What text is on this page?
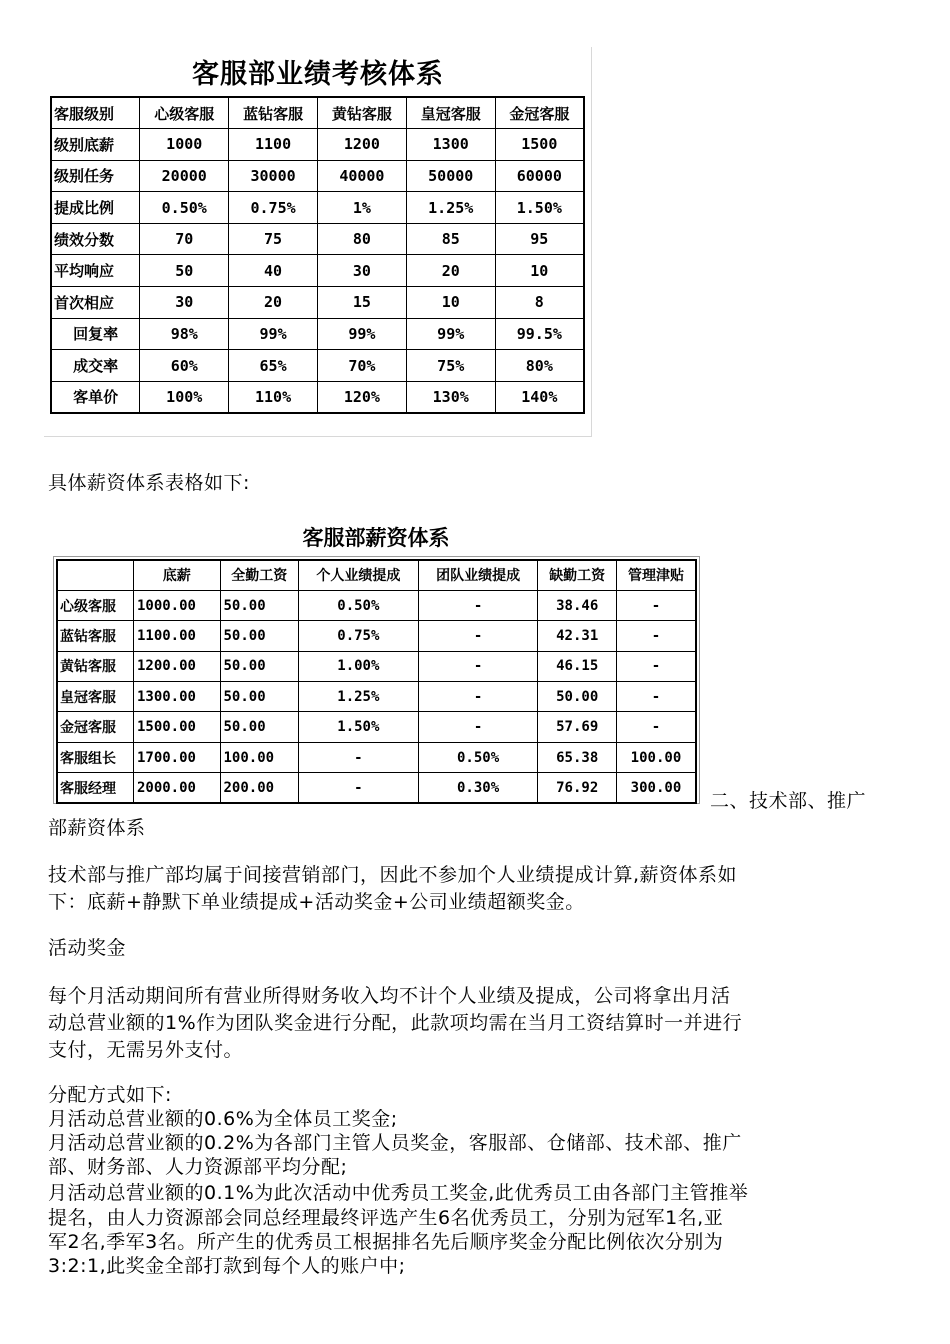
客服部业绩考核体系
客服级别	心级客服	蓝钻客服	黄钻客服	皇冠客服	金冠客服
级别底薪	1000	1100	1200	1300	1500
级别任务	20000	30000	40000	50000	60000
提成比例	0.50%	0.75%	1%	1.25%	1.50%
绩效分数	70	75	80	85	95
平均响应	50	40	30	20	10
首次相应	30	20	15	10	8
回复率	98%	99%	99%	99%	99.5%
成交率	60%	65%	70%	75%	80%
客单价	100%	110%	120%	130%	140%
具体薪资体系表格如下:
客服部薪资体系
	底薪	全勤工资	个人业绩提成	团队业绩提成	缺勤工资	管理津贴
心级客服	1000.00	50.00	0.50%	-	38.46	-
蓝钻客服	1100.00	50.00	0.75%	-	42.31	-
黄钻客服	1200.00	50.00	1.00%	-	46.15	-
皇冠客服	1300.00	50.00	1.25%	-	50.00	-
金冠客服	1500.00	50.00	1.50%	-	57.69	-
客服组长	1700.00	100.00	-	0.50%	65.38	100.00
客服经理	2000.00	200.00	-	0.30%	76.92	300.00
二、技术部、推广
部薪资体系
技术部与推广部均属于间接营销部门，因此不参加个人业绩提成计算,薪资体系如
下：底薪+静默下单业绩提成+活动奖金+公司业绩超额奖金。
活动奖金
每个月活动期间所有营业所得财务收入均不计个人业绩及提成，公司将拿出月活
动总营业额的1%作为团队奖金进行分配，此款项均需在当月工资结算时一并进行
支付，无需另外支付。
分配方式如下:
月活动总营业额的0.6%为全体员工奖金;
月活动总营业额的0.2%为各部门主管人员奖金，客服部、仓储部、技术部、推广
部、财务部、人力资源部平均分配;
月活动总营业额的0.1%为此次活动中优秀员工奖金,此优秀员工由各部门主管推举
提名，由人力资源部会同总经理最终评选产生6名优秀员工，分别为冠军1名,亚
军2名,季军3名。所产生的优秀员工根据排名先后顺序奖金分配比例依次分别为
3:2:1,此奖金全部打款到每个人的账户中;
